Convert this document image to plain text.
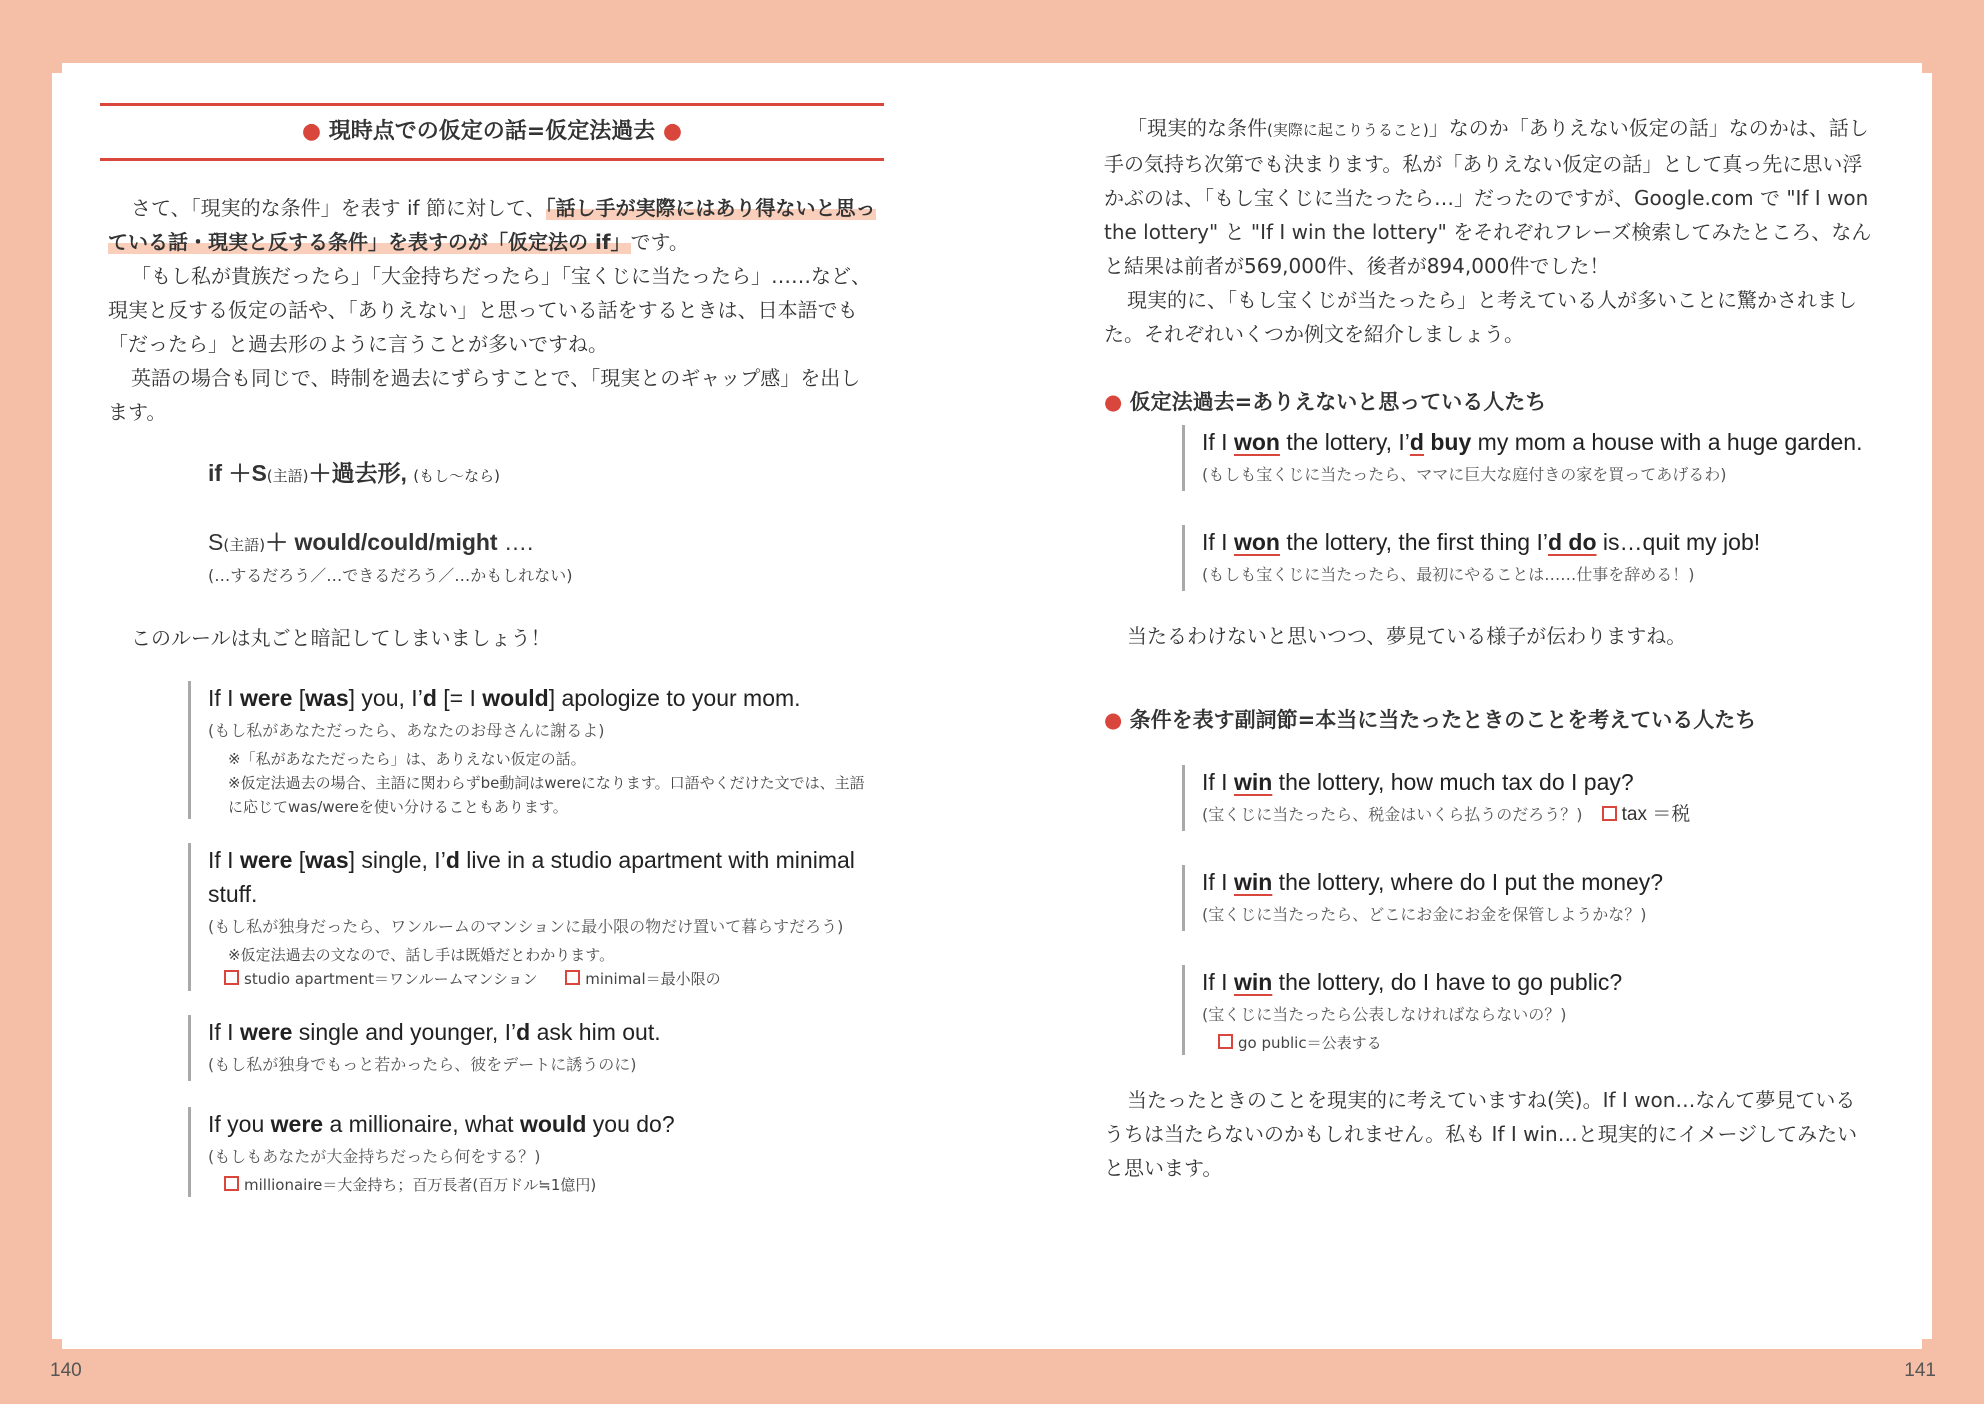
● 現時点での仮定の話=仮定法過去 ●

さて、「現実的な条件」を表す if 節に対して、「話し手が実際にはあり得ないと思っている話・現実と反する条件」を表すのが「仮定法の if」です。

「もし私が貴族だったら」「大金持ちだったら」「宝くじに当たったら」……など、現実と反する仮定の話や、「ありえない」と思っている話をするときは、日本語でも「だったら」と過去形のように言うことが多いですね。

英語の場合も同じで、時制を過去にずらすことで、「現実とのギャップ感」を出します。

if ＋S(主語)＋過去形, (もし～なら)
S(主語)＋ would/could/might ….
(…するだろう／…できるだろう／…かもしれない)

このルールは丸ごと暗記してしまいましょう！

If I were [was] you, I’d [= I would] apologize to your mom.
(もし私があなただったら、あなたのお母さんに謝るよ)
※「私があなただったら」は、ありえない仮定の話。
※仮定法過去の場合、主語に関わらずbe動詞はwereになります。口語やくだけた文では、主語に応じてwas/wereを使い分けることもあります。
If I were [was] single, I’d live in a studio apartment with minimal stuff.
(もし私が独身だったら、ワンルームのマンションに最小限の物だけ置いて暮らすだろう)
※仮定法過去の文なので、話し手は既婚だとわかります。
studio apartment＝ワンルームマンション	minimal＝最小限の
If I were single and younger, I’d ask him out.
(もし私が独身でもっと若かったら、彼をデートに誘うのに)
If you were a millionaire, what would you do?
(もしもあなたが大金持ちだったら何をする？)
millionaire＝大金持ち；百万長者(百万ドル≒1億円)

「現実的な条件(実際に起こりうること)」なのか「ありえない仮定の話」なのかは、話し手の気持ち次第でも決まります。私が「ありえない仮定の話」として真っ先に思い浮かぶのは、「もし宝くじに当たったら…」だったのですが、Google.com で "If I won the lottery" と "If I win the lottery" をそれぞれフレーズ検索してみたところ、なんと結果は前者が569,000件、後者が894,000件でした！

現実的に、「もし宝くじが当たったら」と考えている人が多いことに驚かされました。それぞれいくつか例文を紹介しましょう。

● 仮定法過去=ありえないと思っている人たち
If I won the lottery, I’d buy my mom a house with a huge garden.
(もしも宝くじに当たったら、ママに巨大な庭付きの家を買ってあげるわ)
If I won the lottery, the first thing I’d do is…quit my job!
(もしも宝くじに当たったら、最初にやることは……仕事を辞める！)

当たるわけないと思いつつ、夢見ている様子が伝わりますね。

● 条件を表す副詞節=本当に当たったときのことを考えている人たち
If I win the lottery, how much tax do I pay?
(宝くじに当たったら、税金はいくら払うのだろう？) tax ＝税
If I win the lottery, where do I put the money?
(宝くじに当たったら、どこにお金にお金を保管しようかな？)
If I win the lottery, do I have to go public?
(宝くじに当たったら公表しなければならないの？)
go public＝公表する

当たったときのことを現実的に考えていますね(笑)。If I won…なんて夢見ているうちは当たらないのかもしれません。私も If I win…と現実的にイメージしてみたいと思います。

140	141
